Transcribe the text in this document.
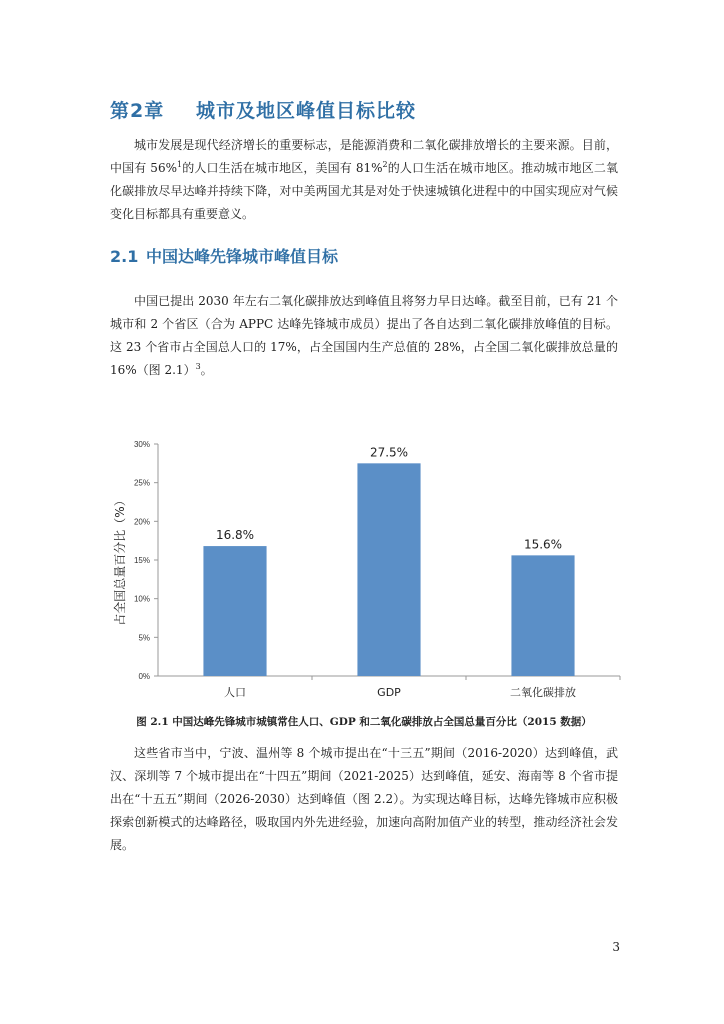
第2章 城市及地区峰值目标比较

城市发展是现代经济增长的重要标志，是能源消费和二氧化碳排放增长的主要来源。目前，中国有 56%$^1$的人口生活在城市地区，美国有 81%$^2$的人口生活在城市地区。推动城市地区二氧化碳排放尽早达峰并持续下降，对中美两国尤其是对处于快速城镇化进程中的中国实现应对气候变化目标都具有重要意义。

2.1 中国达峰先锋城市峰值目标

中国已提出 2030 年左右二氧化碳排放达到峰值且将努力早日达峰。截至目前，已有 21 个城市和 2 个省区（合为 APPC 达峰先锋城市成员）提出了各自达到二氧化碳排放峰值的目标。这 23 个省市占全国总人口的 17%，占全国国内生产总值的 28%，占全国二氧化碳排放总量的 16%（图 2.1）$^3$。

0%
5%
10%
15%
20%
25%
30%
16.8%
人口
27.5%
GDP
15.6%
二氧化碳排放
占全国总量百分比（%）
图 2.1 中国达峰先锋城市城镇常住人口、GDP 和二氧化碳排放占全国总量百分比（2015 数据）

这些省市当中，宁波、温州等 8 个城市提出在“十三五”期间（2016-2020）达到峰值，武汉、深圳等 7 个城市提出在“十四五”期间（2021-2025）达到峰值，延安、海南等 8 个省市提出在“十五五”期间（2026-2030）达到峰值（图 2.2）。为实现达峰目标，达峰先锋城市应积极探索创新模式的达峰路径，吸取国内外先进经验，加速向高附加值产业的转型，推动经济社会发展。

3
